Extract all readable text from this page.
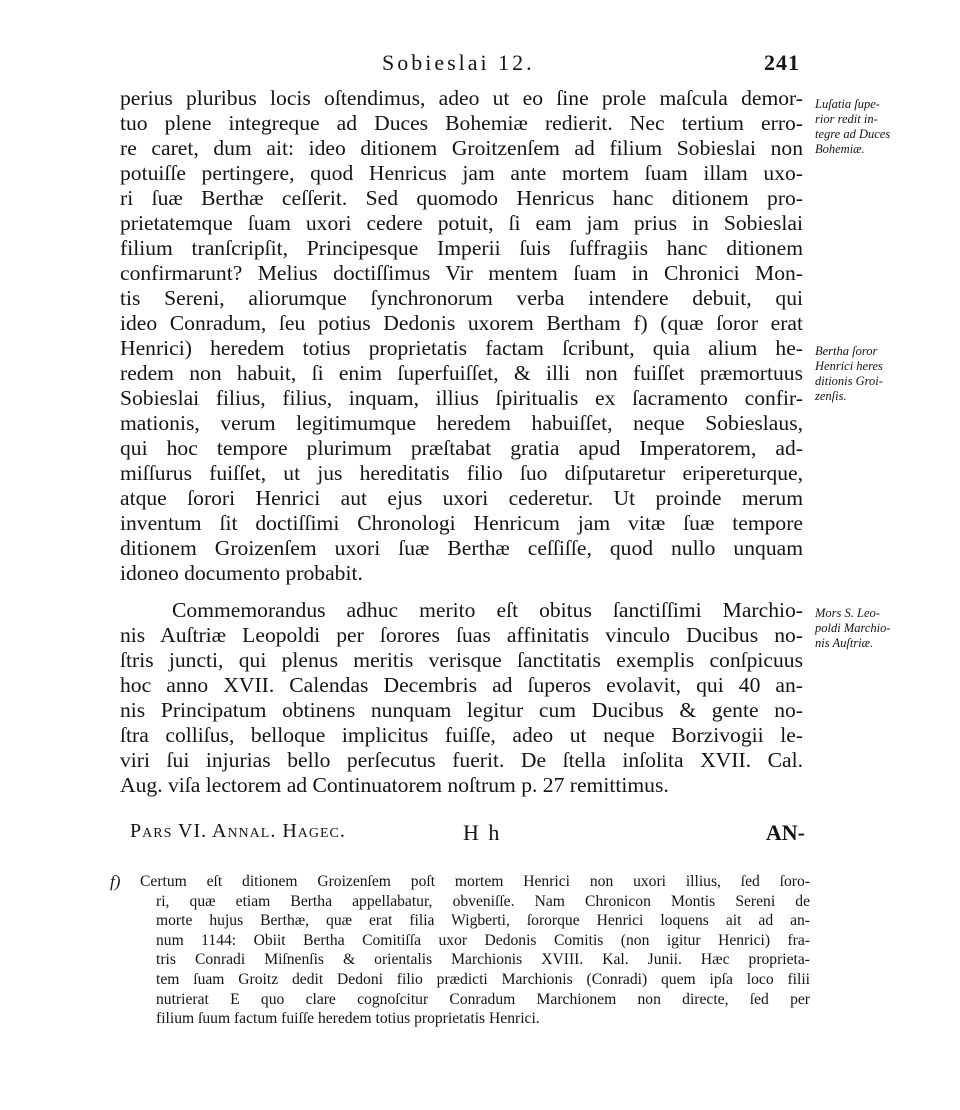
Sobieslai 12.	241
perius pluribus locis oſtendimus, adeo ut eo ſine prole maſcula demor-
tuo plene integreque ad Duces Bohemiæ redierit. Nec tertium erro-
re caret, dum ait: ideo ditionem Groitzenſem ad filium Sobieslai non
potuiſſe pertingere, quod Henricus jam ante mortem ſuam illam uxo-
ri ſuæ Berthæ ceſſerit. Sed quomodo Henricus hanc ditionem pro-
prietatemque ſuam uxori cedere potuit, ſi eam jam prius in Sobieslai
filium tranſcripſit, Principesque Imperii ſuis ſuffragiis hanc ditionem
confirmarunt? Melius doctiſſimus Vir mentem ſuam in Chronici Mon-
tis Sereni, aliorumque ſynchronorum verba intendere debuit, qui
ideo Conradum, ſeu potius Dedonis uxorem Bertham f) (quæ ſoror erat
Henrici) heredem totius proprietatis factam ſcribunt, quia alium he-
redem non habuit, ſi enim ſuperfuiſſet, & illi non fuiſſet præmortuus
Sobieslai filius, filius, inquam, illius ſpiritualis ex ſacramento confir-
mationis, verum legitimumque heredem habuiſſet, neque Sobieslaus,
qui hoc tempore plurimum præſtabat gratia apud Imperatorem, ad-
miſſurus fuiſſet, ut jus hereditatis filio ſuo diſputaretur eripereturque,
atque ſorori Henrici aut ejus uxori cederetur. Ut proinde merum
inventum ſit doctiſſimi Chronologi Henricum jam vitæ ſuæ tempore
ditionem Groizenſem uxori ſuæ Berthæ ceſſiſſe, quod nullo unquam
idoneo documento probabit.
Commemorandus adhuc merito eſt obitus ſanctiſſimi Marchio-
nis Auſtriæ Leopoldi per ſorores ſuas affinitatis vinculo Ducibus no-
ſtris juncti, qui plenus meritis verisque ſanctitatis exemplis conſpicuus
hoc anno XVII. Calendas Decembris ad ſuperos evolavit, qui 40 an-
nis Principatum obtinens nunquam legitur cum Ducibus & gente no-
ſtra colliſus, belloque implicitus fuiſſe, adeo ut neque Borzivogii le-
viri ſui injurias bello perſecutus fuerit. De ſtella inſolita XVII. Cal.
Aug. viſa lectorem ad Continuatorem noſtrum p. 27 remittimus.
Luſatia ſupe-
rior redit in-
tegre ad Duces
Bohemiæ.
Bertha ſoror
Henrici heres
ditionis Groi-
zenſis.
Mors S. Leo-
poldi Marchio-
nis Auſtriæ.
Pars VI. Annal. Hagec.	H h	AN-
f) Certum eſt ditionem Groizenſem poſt mortem Henrici non uxori illius, ſed ſoro-
ri, quæ etiam Bertha appellabatur, obveniſſe. Nam Chronicon Montis Sereni de
morte hujus Berthæ, quæ erat filia Wigberti, ſororque Henrici loquens ait ad an-
num 1144: Obiit Bertha Comitiſſa uxor Dedonis Comitis (non igitur Henrici) fra-
tris Conradi Miſnenſis & orientalis Marchionis XVIII. Kal. Junii. Hæc proprieta-
tem ſuam Groitz dedit Dedoni filio prædicti Marchionis (Conradi) quem ipſa loco filii
nutrierat E quo clare cognoſcitur Conradum Marchionem non directe, ſed per
filium ſuum factum fuiſſe heredem totius proprietatis Henrici.
